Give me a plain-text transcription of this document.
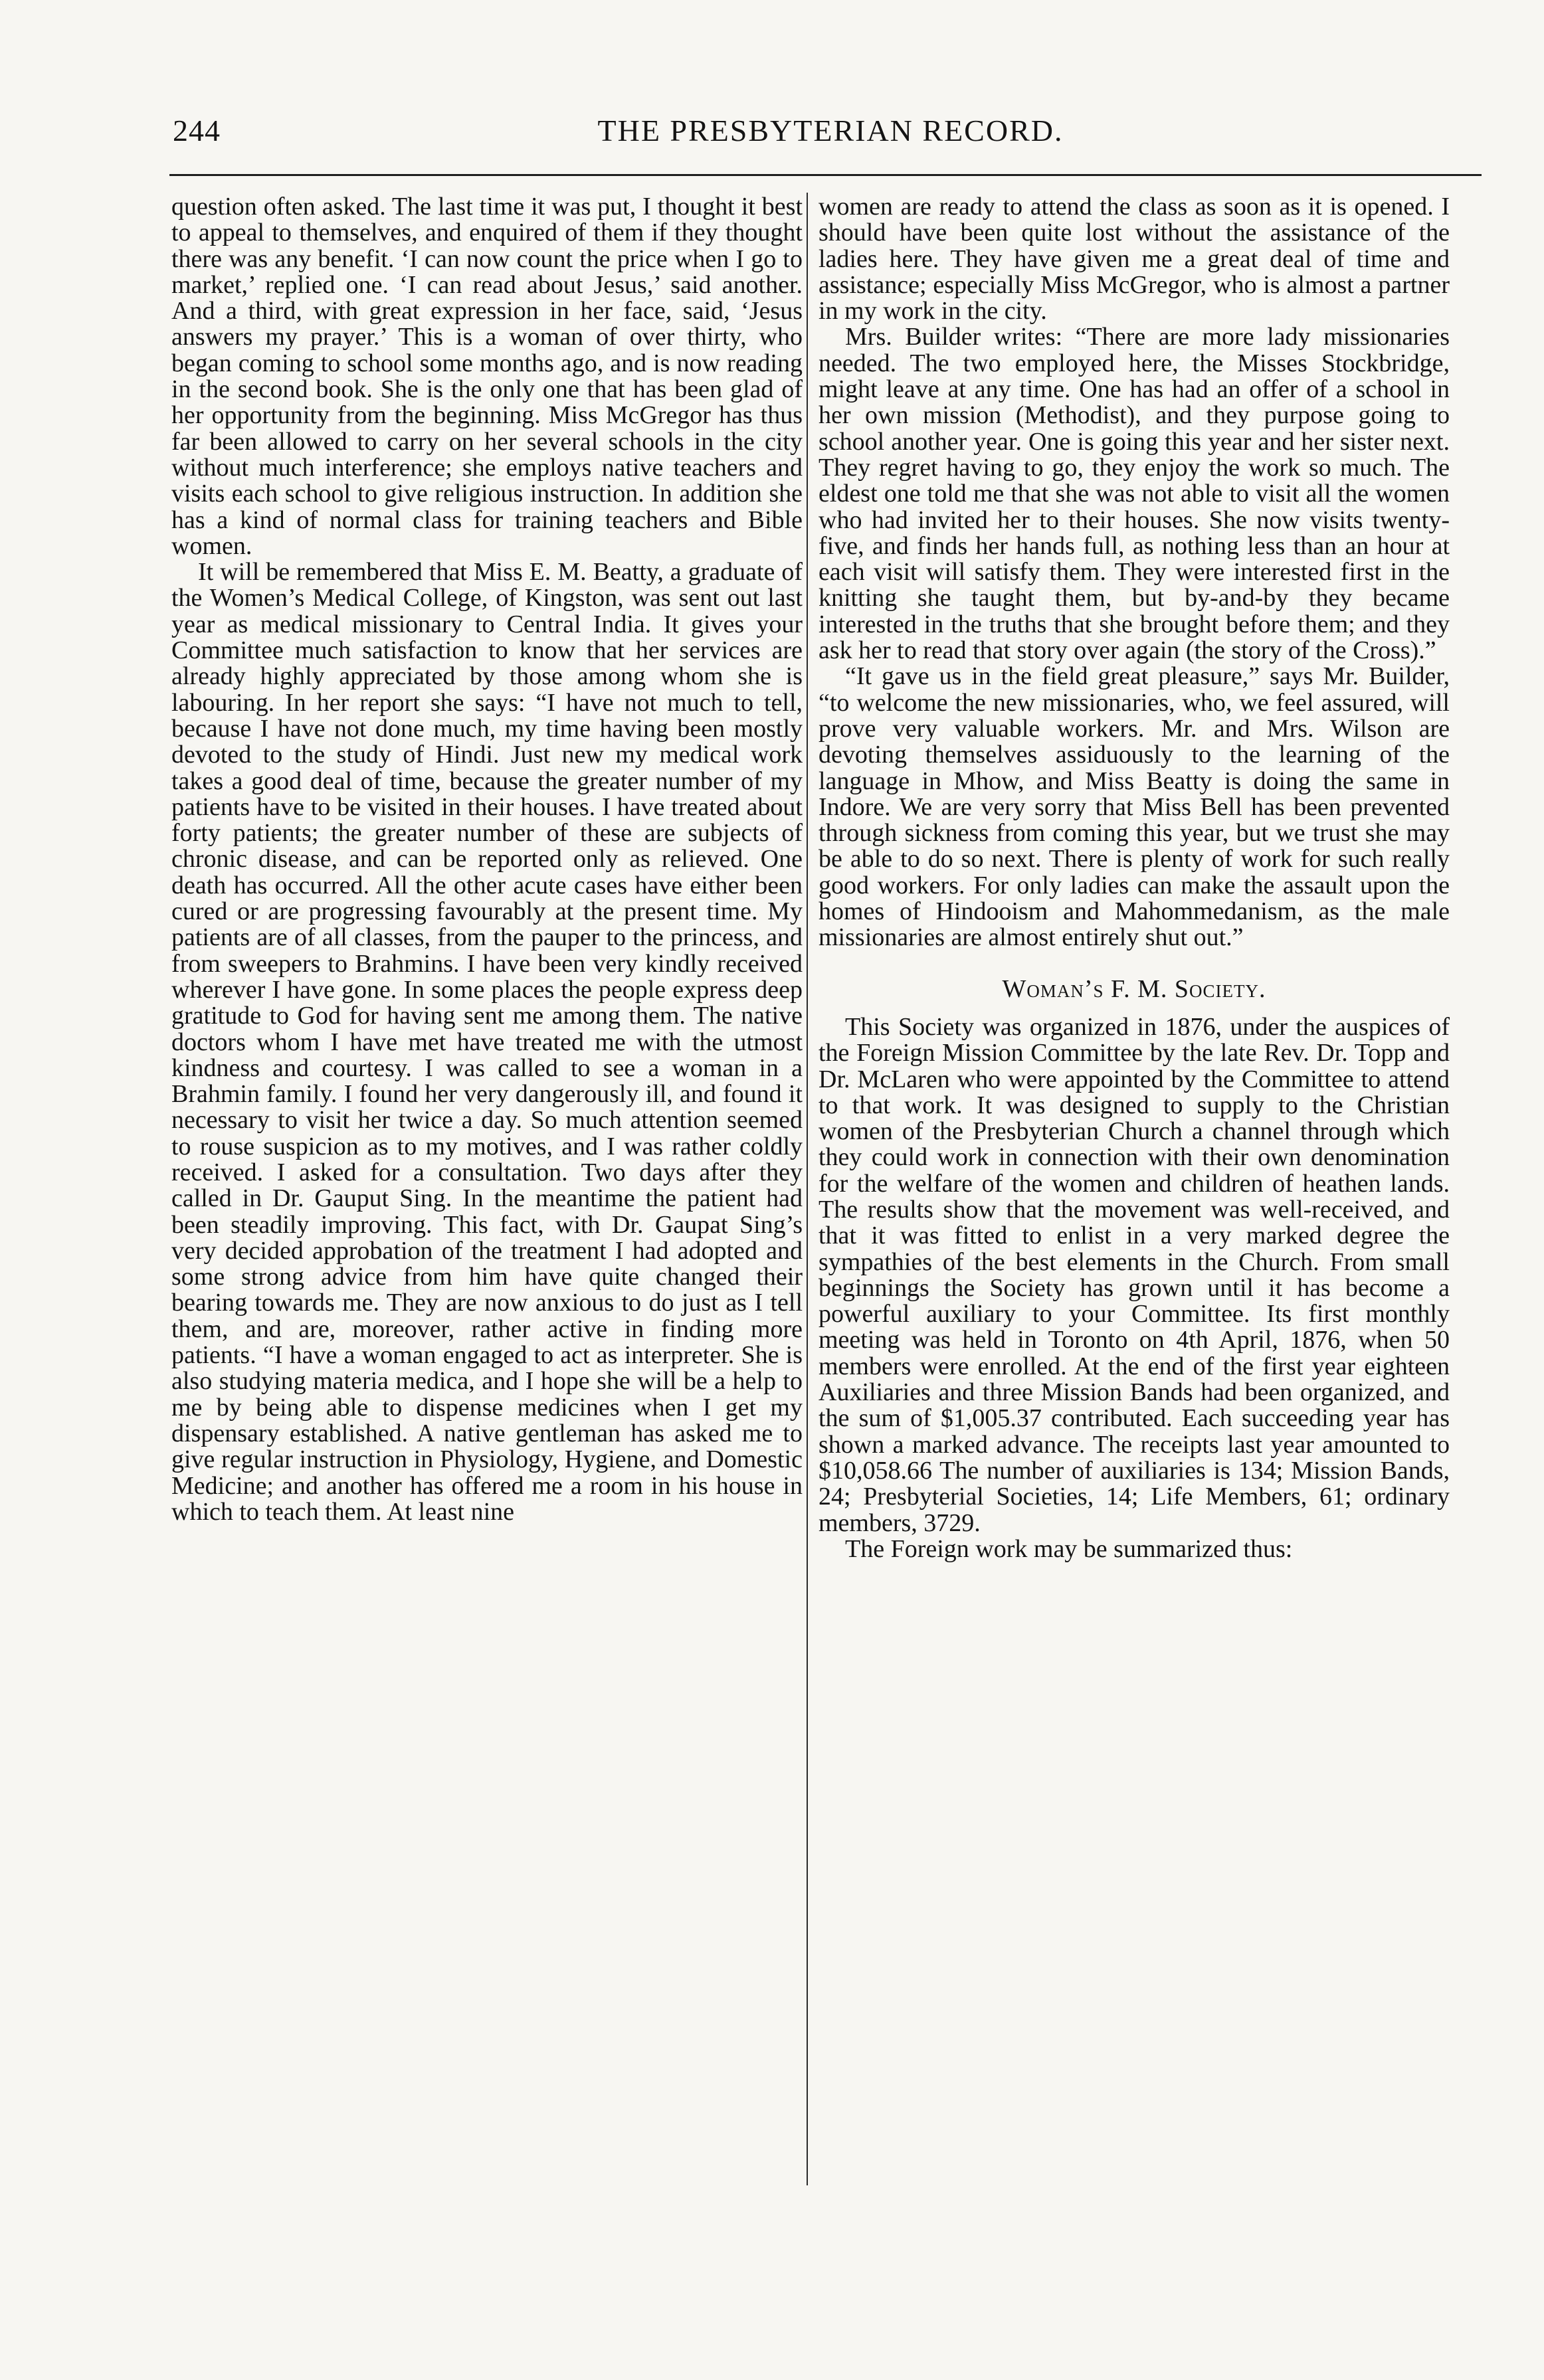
244	THE PRESBYTERIAN RECORD.

question often asked. The last time it was put, I thought it best to appeal to themselves, and enquired of them if they thought there was any benefit. ‘I can now count the price when I go to market,’ replied one. ‘I can read about Jesus,’ said another. And a third, with great expression in her face, said, ‘Jesus answers my prayer.’ This is a woman of over thirty, who began coming to school some months ago, and is now reading in the second book. She is the only one that has been glad of her opportunity from the beginning. Miss McGregor has thus far been allowed to carry on her several schools in the city without much interference; she employs native teachers and visits each school to give religious instruction. In addition she has a kind of normal class for training teachers and Bible women.

It will be remembered that Miss E. M. Beatty, a graduate of the Women’s Medical College, of Kingston, was sent out last year as medical missionary to Central India. It gives your Committee much satisfaction to know that her services are already highly appreciated by those among whom she is labouring. In her report she says: “I have not much to tell, because I have not done much, my time having been mostly devoted to the study of Hindi. Just new my medical work takes a good deal of time, because the greater number of my patients have to be visited in their houses. I have treated about forty patients; the greater number of these are subjects of chronic disease, and can be reported only as relieved. One death has occurred. All the other acute cases have either been cured or are progressing favourably at the present time. My patients are of all classes, from the pauper to the princess, and from sweepers to Brahmins. I have been very kindly received wherever I have gone. In some places the people express deep gratitude to God for having sent me among them. The native doctors whom I have met have treated me with the utmost kindness and courtesy. I was called to see a woman in a Brahmin family. I found her very dangerously ill, and found it necessary to visit her twice a day. So much attention seemed to rouse suspicion as to my motives, and I was rather coldly received. I asked for a consultation. Two days after they called in Dr. Gauput Sing. In the meantime the patient had been steadily improving. This fact, with Dr. Gaupat Sing’s very decided approbation of the treatment I had adopted and some strong advice from him have quite changed their bearing towards me. They are now anxious to do just as I tell them, and are, moreover, rather active in finding more patients. “I have a woman engaged to act as interpreter. She is also studying materia medica, and I hope she will be a help to me by being able to dispense medicines when I get my dispensary established. A native gentleman has asked me to give regular instruction in Physiology, Hygiene, and Domestic Medicine; and another has offered me a room in his house in which to teach them. At least nine

women are ready to attend the class as soon as it is opened. I should have been quite lost without the assistance of the ladies here. They have given me a great deal of time and assistance; especially Miss McGregor, who is almost a partner in my work in the city.

Mrs. Builder writes: “There are more lady missionaries needed. The two employed here, the Misses Stockbridge, might leave at any time. One has had an offer of a school in her own mission (Methodist), and they purpose going to school another year. One is going this year and her sister next. They regret having to go, they enjoy the work so much. The eldest one told me that she was not able to visit all the women who had invited her to their houses. She now visits twenty-five, and finds her hands full, as nothing less than an hour at each visit will satisfy them. They were interested first in the knitting she taught them, but by-and-by they became interested in the truths that she brought before them; and they ask her to read that story over again (the story of the Cross).”

“It gave us in the field great pleasure,” says Mr. Builder, “to welcome the new missionaries, who, we feel assured, will prove very valuable workers. Mr. and Mrs. Wilson are devoting themselves assiduously to the learning of the language in Mhow, and Miss Beatty is doing the same in Indore. We are very sorry that Miss Bell has been prevented through sickness from coming this year, but we trust she may be able to do so next. There is plenty of work for such really good workers. For only ladies can make the assault upon the homes of Hindooism and Mahommedanism, as the male missionaries are almost entirely shut out.”

Woman’s F. M. Society.

This Society was organized in 1876, under the auspices of the Foreign Mission Committee by the late Rev. Dr. Topp and Dr. McLaren who were appointed by the Committee to attend to that work. It was designed to supply to the Christian women of the Presbyterian Church a channel through which they could work in connection with their own denomination for the welfare of the women and children of heathen lands. The results show that the movement was well-received, and that it was fitted to enlist in a very marked degree the sympathies of the best elements in the Church. From small beginnings the Society has grown until it has become a powerful auxiliary to your Committee. Its first monthly meeting was held in Toronto on 4th April, 1876, when 50 members were enrolled. At the end of the first year eighteen Auxiliaries and three Mission Bands had been organized, and the sum of $1,005.37 contributed. Each succeeding year has shown a marked advance. The receipts last year amounted to $10,058.66 The number of auxiliaries is 134; Mission Bands, 24; Presbyterial Societies, 14; Life Members, 61; ordinary members, 3729.

The Foreign work may be summarized thus:
